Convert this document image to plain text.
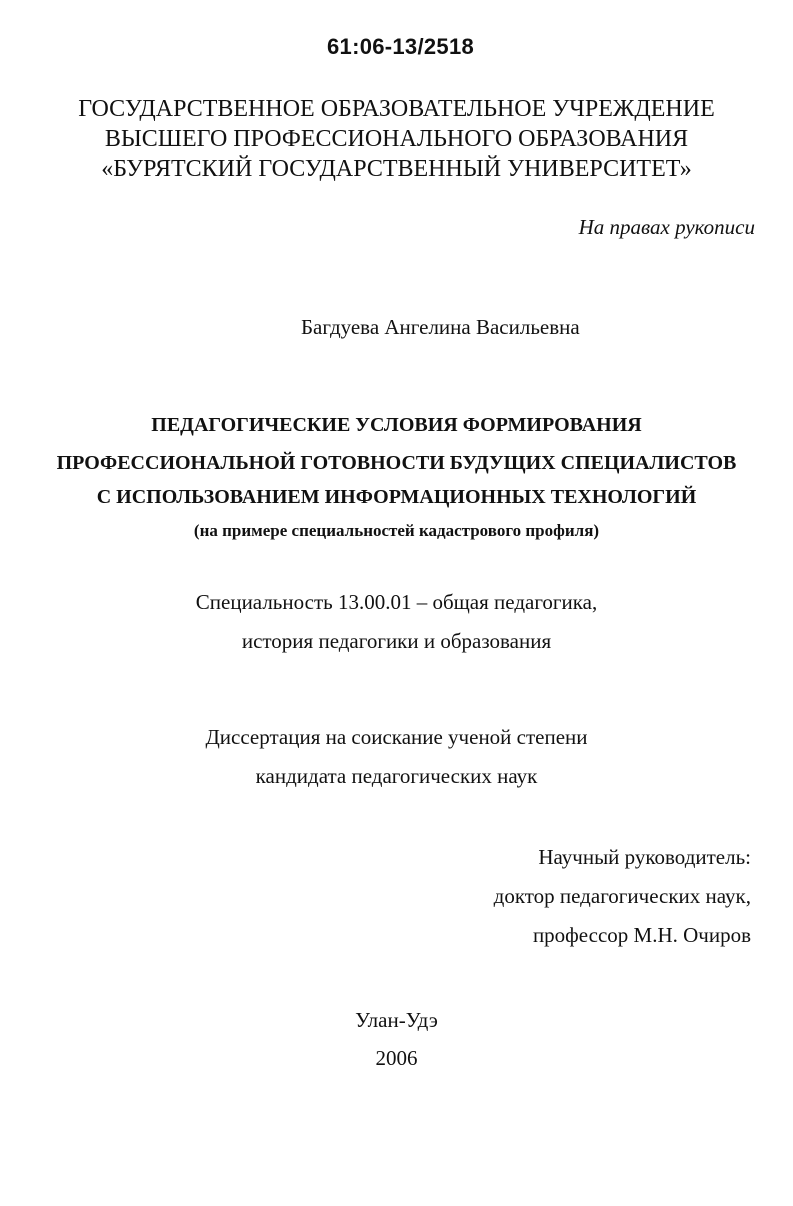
61:06-13/2518
ГОСУДАРСТВЕННОЕ ОБРАЗОВАТЕЛЬНОЕ УЧРЕЖДЕНИЕ
ВЫСШЕГО ПРОФЕССИОНАЛЬНОГО ОБРАЗОВАНИЯ
«БУРЯТСКИЙ ГОСУДАРСТВЕННЫЙ УНИВЕРСИТЕТ»
На правах рукописи
Багдуева Ангелина Васильевна
ПЕДАГОГИЧЕСКИЕ УСЛОВИЯ ФОРМИРОВАНИЯ
ПРОФЕССИОНАЛЬНОЙ ГОТОВНОСТИ БУДУЩИХ СПЕЦИАЛИСТОВ
С ИСПОЛЬЗОВАНИЕМ ИНФОРМАЦИОННЫХ ТЕХНОЛОГИЙ
(на примере специальностей кадастрового профиля)
Специальность 13.00.01 – общая педагогика,
история педагогики и образования
Диссертация на соискание ученой степени
кандидата педагогических наук
Научный руководитель:
доктор педагогических наук,
профессор М.Н. Очиров
Улан-Удэ
2006
